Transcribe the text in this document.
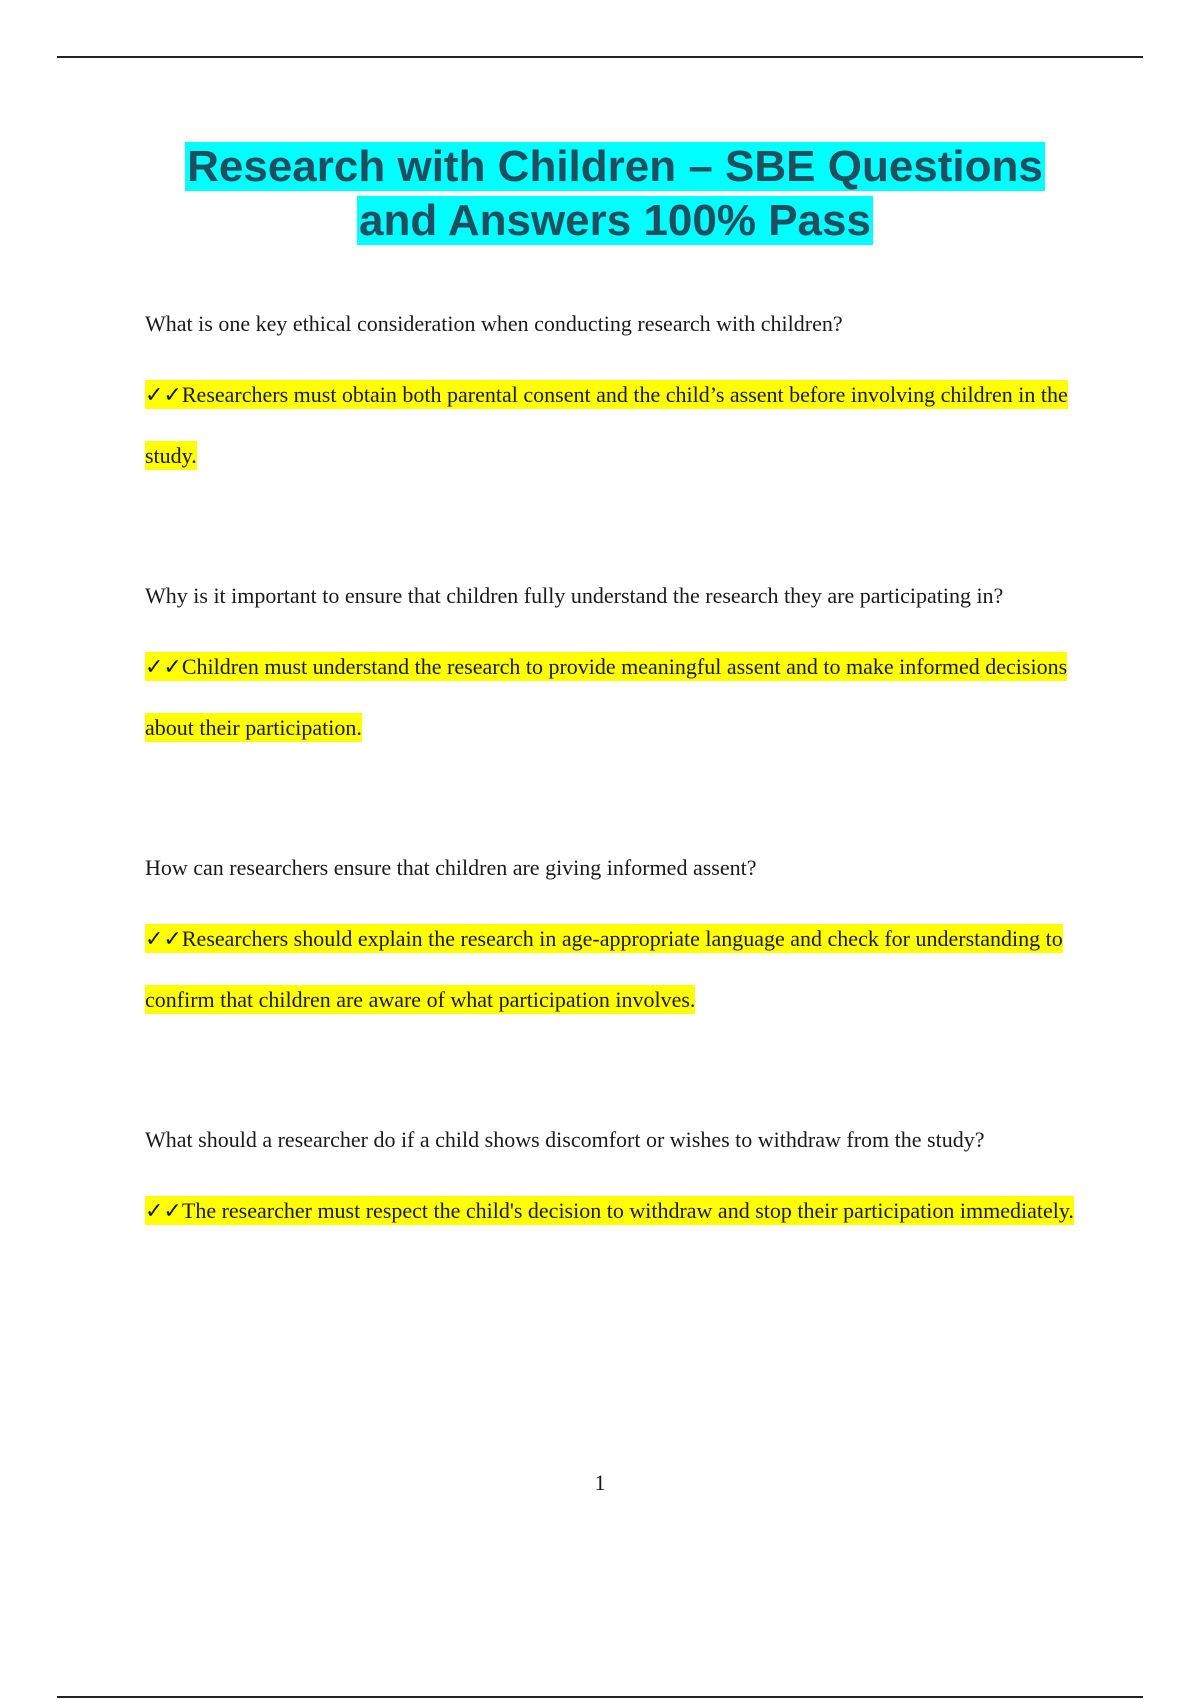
Research with Children – SBE Questions and Answers 100% Pass

What is one key ethical consideration when conducting research with children?

✓✓Researchers must obtain both parental consent and the child’s assent before involving children in the study.

Why is it important to ensure that children fully understand the research they are participating in?

✓✓Children must understand the research to provide meaningful assent and to make informed decisions about their participation.

How can researchers ensure that children are giving informed assent?

✓✓Researchers should explain the research in age-appropriate language and check for understanding to confirm that children are aware of what participation involves.

What should a researcher do if a child shows discomfort or wishes to withdraw from the study?

✓✓The researcher must respect the child's decision to withdraw and stop their participation immediately.

1
